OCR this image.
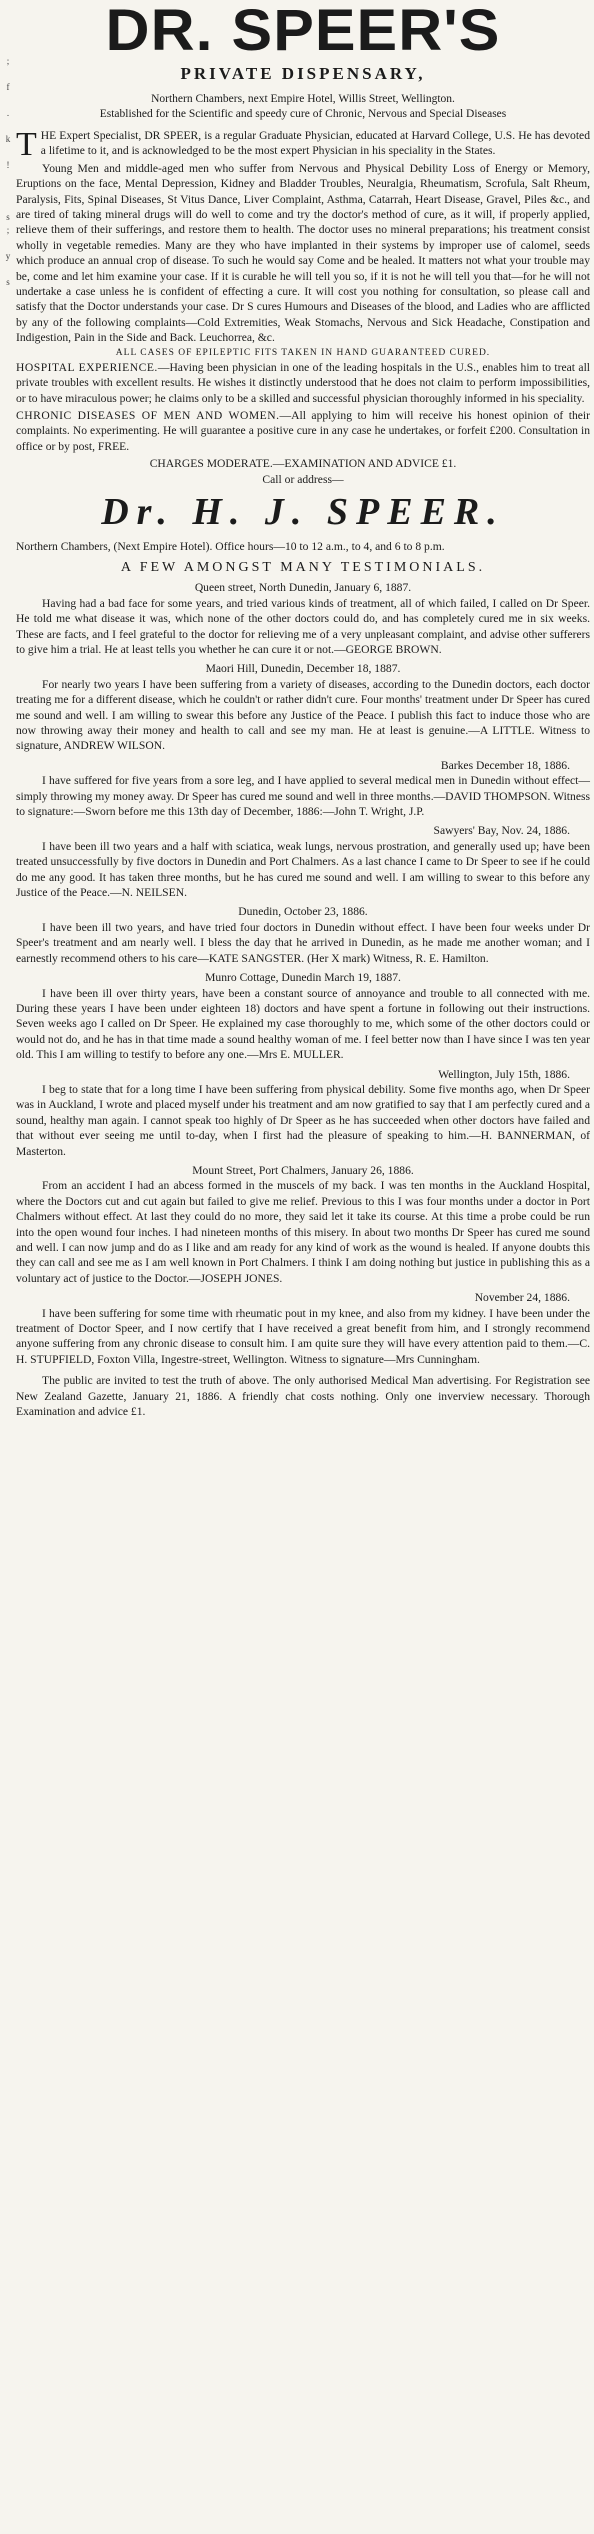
;

f

.

k

!

s
;

y

s
DR. SPEER'S
PRIVATE DISPENSARY,

Northern Chambers, next Empire Hotel, Willis Street, Wellington.

Established for the Scientific and speedy cure of Chronic, Nervous and Special Diseases

THE Expert Specialist, DR SPEER, is a regular Graduate Physician, educated at Harvard College, U.S. He has devoted a lifetime to it, and is acknowledged to be the most expert Physician in his speciality in the States.

Young Men and middle-aged men who suffer from Nervous and Physical Debility Loss of Energy or Memory, Eruptions on the face, Mental Depression, Kidney and Bladder Troubles, Neuralgia, Rheumatism, Scrofula, Salt Rheum, Paralysis, Fits, Spinal Diseases, St Vitus Dance, Liver Complaint, Asthma, Catarrah, Heart Disease, Gravel, Piles &c., and are tired of taking mineral drugs will do well to come and try the doctor's method of cure, as it will, if properly applied, relieve them of their sufferings, and restore them to health. The doctor uses no mineral preparations; his treatment consist wholly in vegetable remedies. Many are they who have implanted in their systems by improper use of calomel, seeds which produce an annual crop of disease. To such he would say Come and be healed. It matters not what your trouble may be, come and let him examine your case. If it is curable he will tell you so, if it is not he will tell you that—for he will not undertake a case unless he is confident of effecting a cure. It will cost you nothing for consultation, so please call and satisfy that the Doctor understands your case. Dr S cures Humours and Diseases of the blood, and Ladies who are afflicted by any of the following complaints—Cold Extremities, Weak Stomachs, Nervous and Sick Headache, Constipation and Indigestion, Pain in the Side and Back. Leuchorrea, &c.

ALL CASES OF EPILEPTIC FITS TAKEN IN HAND GUARANTEED CURED.

HOSPITAL EXPERIENCE.—Having been physician in one of the leading hospitals in the U.S., enables him to treat all private troubles with excellent results. He wishes it distinctly understood that he does not claim to perform impossibilities, or to have miraculous power; he claims only to be a skilled and successful physician thoroughly informed in his speciality.

CHRONIC DISEASES OF MEN AND WOMEN.—All applying to him will receive his honest opinion of their complaints. No experimenting. He will guarantee a positive cure in any case he undertakes, or forfeit £200. Consultation in office or by post, FREE.

CHARGES MODERATE.—EXAMINATION AND ADVICE £1.

Call or address—

Dr. H. J. SPEER.

Northern Chambers, (Next Empire Hotel). Office hours—10 to 12 a.m., to 4, and 6 to 8 p.m.

A FEW AMONGST MANY TESTIMONIALS.

Queen street, North Dunedin, January 6, 1887.

Having had a bad face for some years, and tried various kinds of treatment, all of which failed, I called on Dr Speer. He told me what disease it was, which none of the other doctors could do, and has completely cured me in six weeks. These are facts, and I feel grateful to the doctor for relieving me of a very unpleasant complaint, and advise other sufferers to give him a trial. He at least tells you whether he can cure it or not.—GEORGE BROWN.

Maori Hill, Dunedin, December 18, 1887.

For nearly two years I have been suffering from a variety of diseases, according to the Dunedin doctors, each doctor treating me for a different disease, which he couldn't or rather didn't cure. Four months' treatment under Dr Speer has cured me sound and well. I am willing to swear this before any Justice of the Peace. I publish this fact to induce those who are now throwing away their money and health to call and see my man. He at least is genuine.—A LITTLE. Witness to signature, ANDREW WILSON.

Barkes December 18, 1886.

I have suffered for five years from a sore leg, and I have applied to several medical men in Dunedin without effect—simply throwing my money away. Dr Speer has cured me sound and well in three months.—DAVID THOMPSON. Witness to signature:—Sworn before me this 13th day of December, 1886:—John T. Wright, J.P.

Sawyers' Bay, Nov. 24, 1886.

I have been ill two years and a half with sciatica, weak lungs, nervous prostration, and generally used up; have been treated unsuccessfully by five doctors in Dunedin and Port Chalmers. As a last chance I came to Dr Speer to see if he could do me any good. It has taken three months, but he has cured me sound and well. I am willing to swear to this before any Justice of the Peace.—N. NEILSEN.

Dunedin, October 23, 1886.

I have been ill two years, and have tried four doctors in Dunedin without effect. I have been four weeks under Dr Speer's treatment and am nearly well. I bless the day that he arrived in Dunedin, as he made me another woman; and I earnestly recommend others to his care—KATE SANGSTER. (Her X mark) Witness, R. E. Hamilton.

Munro Cottage, Dunedin March 19, 1887.

I have been ill over thirty years, have been a constant source of annoyance and trouble to all connected with me. During these years I have been under eighteen 18) doctors and have spent a fortune in following out their instructions. Seven weeks ago I called on Dr Speer. He explained my case thoroughly to me, which some of the other doctors could or would not do, and he has in that time made a sound healthy woman of me. I feel better now than I have since I was ten year old. This I am willing to testify to before any one.—Mrs E. MULLER.

Wellington, July 15th, 1886.

I beg to state that for a long time I have been suffering from physical debility. Some five months ago, when Dr Speer was in Auckland, I wrote and placed myself under his treatment and am now gratified to say that I am perfectly cured and a sound, healthy man again. I cannot speak too highly of Dr Speer as he has succeeded when other doctors have failed and that without ever seeing me until to-day, when I first had the pleasure of speaking to him.—H. BANNERMAN, of Masterton.

Mount Street, Port Chalmers, January 26, 1886.

From an accident I had an abcess formed in the muscels of my back. I was ten months in the Auckland Hospital, where the Doctors cut and cut again but failed to give me relief. Previous to this I was four months under a doctor in Port Chalmers without effect. At last they could do no more, they said let it take its course. At this time a probe could be run into the open wound four inches. I had nineteen months of this misery. In about two months Dr Speer has cured me sound and well. I can now jump and do as I like and am ready for any kind of work as the wound is healed. If anyone doubts this they can call and see me as I am well known in Port Chalmers. I think I am doing nothing but justice in publishing this as a voluntary act of justice to the Doctor.—JOSEPH JONES.

November 24, 1886.

I have been suffering for some time with rheumatic pout in my knee, and also from my kidney. I have been under the treatment of Doctor Speer, and I now certify that I have received a great benefit from him, and I strongly recommend anyone suffering from any chronic disease to consult him. I am quite sure they will have every attention paid to them.—C. H. STUPFIELD, Foxton Villa, Ingestre-street, Wellington. Witness to signature—Mrs Cunningham.

The public are invited to test the truth of above. The only authorised Medical Man advertising. For Registration see New Zealand Gazette, January 21, 1886. A friendly chat costs nothing. Only one inverview necessary. Thorough Examination and advice £1.
